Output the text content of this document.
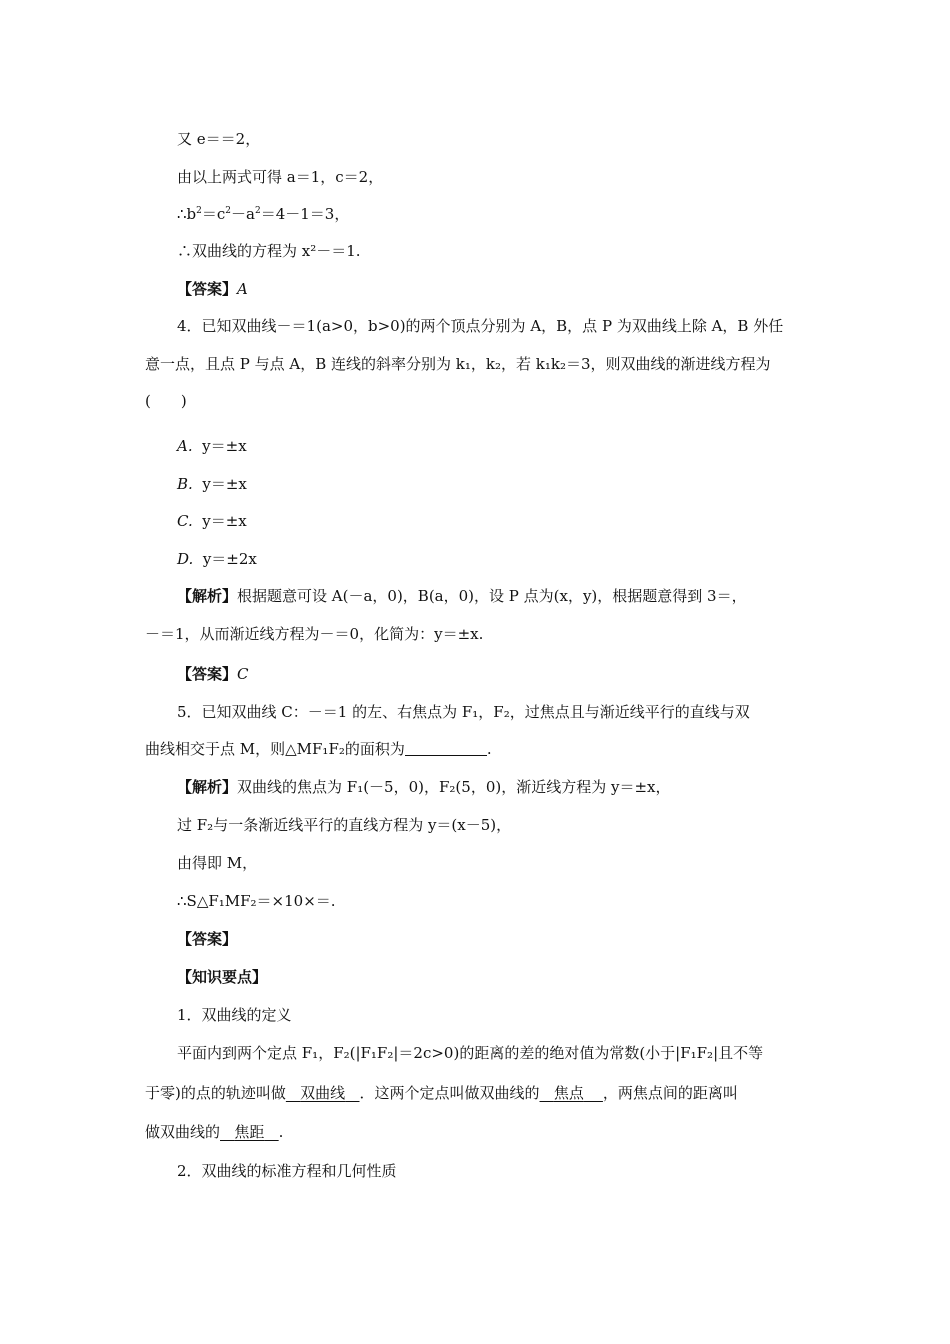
又 e＝＝2，
由以上两式可得 a＝1，c＝2，
$\therefore b^2=c^2-a^2=4-1=3$，
∴双曲线的方程为 x²－＝1.
【答案】A
4．已知双曲线－＝1(a>0，b>0)的两个顶点分别为 A，B，点 P 为双曲线上除 A，B 外任
意一点，且点 P 与点 A，B 连线的斜率分别为 k₁，k₂，若 k₁k₂＝3，则双曲线的渐进线方程为
(　　)
A. y＝±x
B. y＝±x
C. y＝±x
D. y＝±2x
【解析】根据题意可设 A(－a，0)，B(a，0)，设 P 点为(x，y)，根据题意得到 3＝，
－＝1，从而渐近线方程为－＝0，化简为：y＝±x.
【答案】C
5．已知双曲线 C：－＝1 的左、右焦点为 F₁，F₂，过焦点且与渐近线平行的直线与双
曲线相交于点 M，则△MF₁F₂的面积为	.
【解析】双曲线的焦点为 F₁(－5，0)，F₂(5，0)，渐近线方程为 y＝±x，
过 F₂与一条渐近线平行的直线方程为 y＝(x－5)，
由得即 M，
∴S△F₁MF₂＝×10×＝.
【答案】
【知识要点】
1．双曲线的定义
平面内到两个定点 F₁，F₂(|F₁F₂|＝2c>0)的距离的差的绝对值为常数(小于|F₁F₂|且不等
于零)的点的轨迹叫做 双曲线 ．这两个定点叫做双曲线的 焦点 ，两焦点间的距离叫
做双曲线的 焦距 .
2．双曲线的标准方程和几何性质
